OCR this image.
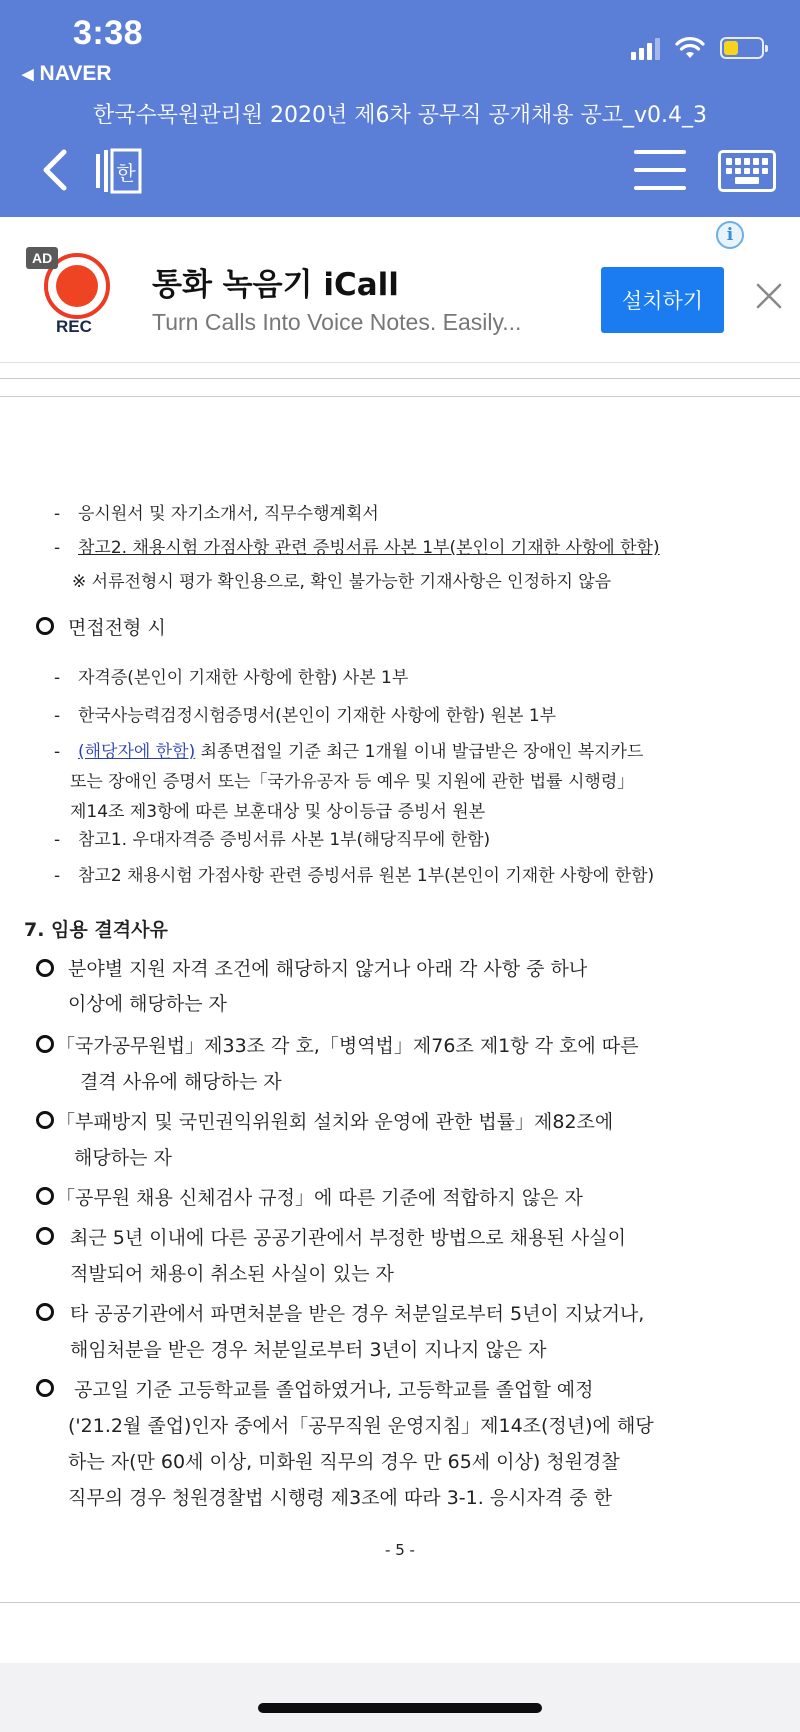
3:38
◀ NAVER
한국수목원관리원 2020년 제6차 공무직 공개채용 공고_v0.4_3
한
AD
REC
통화 녹음기 iCall
Turn Calls Into Voice Notes. Easily...
설치하기
i
- 응시원서 및 자기소개서, 직무수행계획서
- 참고2. 채용시험 가점사항 관련 증빙서류 사본 1부(본인이 기재한 사항에 한함)
※ 서류전형시 평가 확인용으로, 확인 불가능한 기재사항은 인정하지 않음
면접전형 시
- 자격증(본인이 기재한 사항에 한함) 사본 1부
- 한국사능력검정시험증명서(본인이 기재한 사항에 한함) 원본 1부
- (해당자에 한함) 최종면접일 기준 최근 1개월 이내 발급받은 장애인 복지카드
또는 장애인 증명서 또는「국가유공자 등 예우 및 지원에 관한 법률 시행령」
제14조 제3항에 따른 보훈대상 및 상이등급 증빙서 원본
- 참고1. 우대자격증 증빙서류 사본 1부(해당직무에 한함)
- 참고2 채용시험 가점사항 관련 증빙서류 원본 1부(본인이 기재한 사항에 한함)
7. 임용 결격사유
분야별 지원 자격 조건에 해당하지 않거나 아래 각 사항 중 하나
이상에 해당하는 자
「국가공무원법」제33조 각 호,「병역법」제76조 제1항 각 호에 따른
결격 사유에 해당하는 자
「부패방지 및 국민권익위원회 설치와 운영에 관한 법률」제82조에
해당하는 자
「공무원 채용 신체검사 규정」에 따른 기준에 적합하지 않은 자
최근 5년 이내에 다른 공공기관에서 부정한 방법으로 채용된 사실이
적발되어 채용이 취소된 사실이 있는 자
타 공공기관에서 파면처분을 받은 경우 처분일로부터 5년이 지났거나,
해임처분을 받은 경우 처분일로부터 3년이 지나지 않은 자
공고일 기준 고등학교를 졸업하였거나, 고등학교를 졸업할 예정
('21.2월 졸업)인자 중에서「공무직원 운영지침」제14조(정년)에 해당
하는 자(만 60세 이상, 미화원 직무의 경우 만 65세 이상) 청원경찰
직무의 경우 청원경찰법 시행령 제3조에 따라 3-1. 응시자격 중 한
- 5 -
